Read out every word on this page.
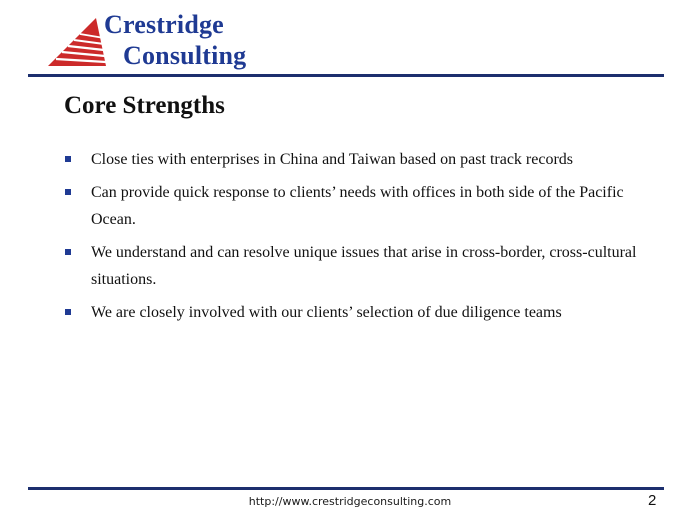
Crestridge
Consulting
Core Strengths
Close ties with enterprises in China and Taiwan based on past track records
Can provide quick response to clients’ needs with offices in both side of the Pacific Ocean.
We understand and can resolve unique issues that arise in cross-border, cross-cultural situations.
We are closely involved with our clients’ selection of due diligence teams
http://www.crestridgeconsulting.com	2
